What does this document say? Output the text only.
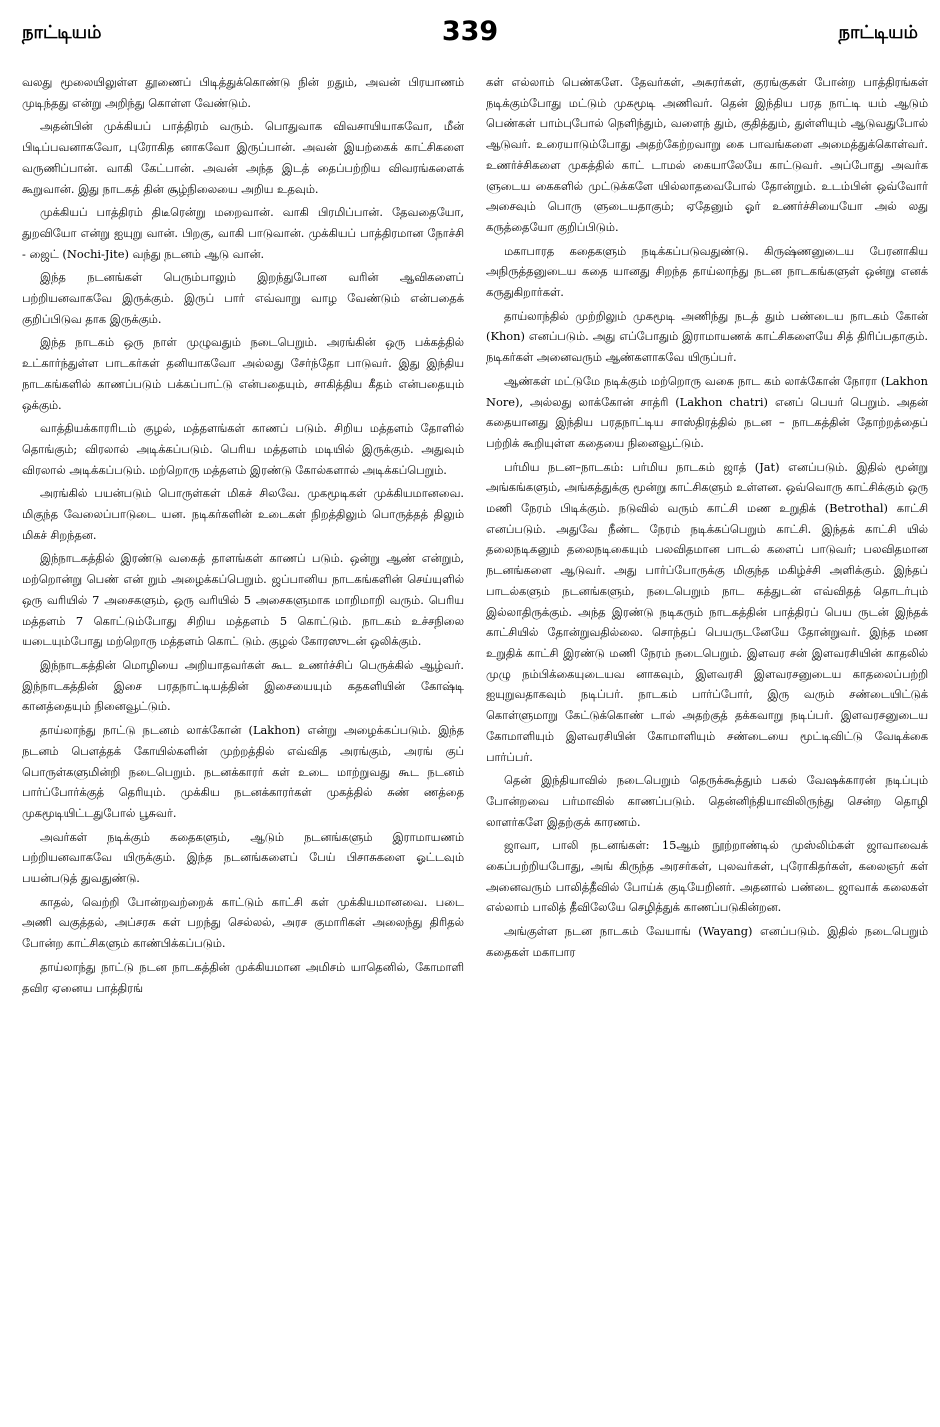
நாட்டியம்	339	நாட்டியம்

வலது மூலையிலுள்ள தூணைப் பிடித்துக்கொண்டு நின் றதும், அவன் பிரயாணம் முடிந்தது என்று அறிந்து கொள்ள வேண்டும்.

அதன்பின் முக்கியப் பாத்திரம் வரும். பொதுவாக விவசாயியாகவோ, மீன் பிடிப்பவனாகவோ, புரோகித னாகவோ இருப்பான். அவன் இயற்கைக் காட்சிகளை வருணிப்பான். வாகி கேட்பான். அவன் அந்த இடத் தைப்பற்றிய விவரங்களைக் கூறுவான். இது நாடகத் தின் சூழ்நிலையை அறிய உதவும்.

முக்கியப் பாத்திரம் திடீரென்று மறைவான். வாகி பிரமிப்பான். தேவதையோ, துறவியோ என்று ஐயுறு வான். பிறகு, வாகி பாடுவான். முக்கியப் பாத்திரமான நோச்சி - ஜைட் (Nochi-Jite) வந்து நடனம் ஆடு வான்.

இந்த நடனங்கள் பெரும்பாலும் இறந்துபோன வரின் ஆவிகளைப் பற்றியனவாகவே இருக்கும். இருப் பார் எவ்வாறு வாழ வேண்டும் என்பதைக் குறிப்பிடுவ தாக இருக்கும்.

இந்த நாடகம் ஒரு நாள் முழுவதும் நடைபெறும். அரங்கின் ஒரு பக்கத்தில் உட்கார்ந்துள்ள பாடகர்கள் தனியாகவோ அல்லது சேர்ந்தோ பாடுவர். இது இந்திய நாடகங்களில் காணப்படும் பக்கப்பாட்டு என்பதையும், சாகித்திய கீதம் என்பதையும் ஒக்கும்.

வாத்தியக்காரரிடம் குழல், மத்தளங்கள் காணப் படும். சிறிய மத்தளம் தோளில் தொங்கும்; விரலால் அடிக்கப்படும். பெரிய மத்தளம் மடியில் இருக்கும். அதுவும் விரலால் அடிக்கப்படும். மற்றொரு மத்தளம் இரண்டு கோல்களால் அடிக்கப்பெறும்.

அரங்கில் பயன்படும் பொருள்கள் மிகச் சிலவே. முகமூடிகள் முக்கியமானவை. மிகுந்த வேலைப்பாடுடை யன. நடிகர்களின் உடைகள் நிறத்திலும் பொருத்தத் திலும் மிகச் சிறந்தன.

இந்நாடகத்தில் இரண்டு வகைத் தாளங்கள் காணப் படும். ஒன்று ஆண் என்றும், மற்றொன்று பெண் என் றும் அழைக்கப்பெறும். ஜப்பானிய நாடகங்களின் செய்யுளில் ஒரு வரியில் 7 அசைகளும், ஒரு வரியில் 5 அசைகளுமாக மாறிமாறி வரும். பெரிய மத்தளம் 7 கொட்டும்போது சிறிய மத்தளம் 5 கொட்டும். நாடகம் உச்சநிலை யடையும்போது மற்றொரு மத்தளம் கொட் டும். குழல் கோரஸுடன் ஒலிக்கும்.

இந்நாடகத்தின் மொழியை அறியாதவர்கள் கூட உணர்ச்சிப் பெருக்கில் ஆழ்வர். இந்நாடகத்தின் இசை பரதநாட்டியத்தின் இசையையும் கதகளியின் கோஷ்டி கானத்தையும் நினைவூட்டும்.

தாய்லாந்து நாட்டு நடனம் லாக்கோன் (Lakhon) என்று அழைக்கப்படும். இந்த நடனம் பௌத்தக் கோயில்களின் முற்றத்தில் எவ்வித அரங்கும், அரங் குப் பொருள்களுமின்றி நடைபெறும். நடனக்காரர் கள் உடை மாற்றுவது கூட நடனம் பார்ப்போர்க்குத் தெரியும். முக்கிய நடனக்காரர்கள் முகத்தில் சுண் ணத்தை முகமூடியிட்டதுபோல் பூசுவர்.

அவர்கள் நடிக்கும் கதைகளும், ஆடும் நடனங்களும் இராமாயணம் பற்றியனவாகவே யிருக்கும். இந்த நடனங்களைப் பேய் பிசாசுகளை ஓட்டவும் பயன்படுத் துவதுண்டு.

காதல், வெற்றி போன்றவற்றைக் காட்டும் காட்சி கள் முக்கியமானவை. படை அணி வகுத்தல், அப்சரசு கள் பறந்து செல்லல், அரச குமாரிகள் அலைந்து திரிதல் போன்ற காட்சிகளும் காண்பிக்கப்படும்.

தாய்லாந்து நாட்டு நடன நாடகத்தின் முக்கியமான அமிசம் யாதெனில், கோமாளி தவிர ஏனைய பாத்திரங்

கள் எல்லாம் பெண்களே. தேவர்கள், அசுரர்கள், குரங்குகள் போன்ற பாத்திரங்கள் நடிக்கும்போது மட்டும் முகமூடி அணிவர். தென் இந்திய பரத நாட்டி யம் ஆடும் பெண்கள் பாம்புபோல் நெளிந்தும், வளைந் தும், குதித்தும், துள்ளியும் ஆடுவதுபோல் ஆடுவர். உரையாடும்போது அதற்கேற்றவாறு கை பாவங்களை அமைத்துக்கொள்வர். உணர்ச்சிகளை முகத்தில் காட் டாமல் கையாலேயே காட்டுவர். அப்போது அவர்க ளுடைய கைகளில் முட்டுக்களே யில்லாதவைபோல் தோன்றும். உடம்பின் ஒவ்வோர் அசைவும் பொரு ளுடையதாகும்; ஏதேனும் ஓர் உணர்ச்சியையோ அல் லது கருத்தையோ குறிப்பிடும்.

மகாபாரத கதைகளும் நடிக்கப்படுவதுண்டு. கிருஷ்ணனுடைய பேரனாகிய அநிருத்தனுடைய கதை யானது சிறந்த தாய்லாந்து நடன நாடகங்களுள் ஒன்று எனக் கருதுகிறார்கள்.

தாய்லாந்தில் முற்றிலும் முகமூடி அணிந்து நடத் தும் பண்டைய நாடகம் கோன் (Khon) எனப்படும். அது எப்போதும் இராமாயணக் காட்சிகளையே சித் திரிப்பதாகும். நடிகர்கள் அனைவரும் ஆண்களாகவே யிருப்பர்.

ஆண்கள் மட்டுமே நடிக்கும் மற்றொரு வகை நாட கம் லாக்கோன் நோரா (Lakhon Nore), அல்லது லாக்கோன் சாத்ரி (Lakhon chatri) எனப் பெயர் பெறும். அதன் கதையானது இந்திய பரதநாட்டிய சாஸ்திரத்தில் நடன – நாடகத்தின் தோற்றத்தைப் பற்றிக் கூறியுள்ள கதையை நினைவூட்டும்.

பர்மிய நடன–நாடகம்: பர்மிய நாடகம் ஜாத் (Jat) எனப்படும். இதில் மூன்று அங்கங்களும், அங்கத்துக்கு மூன்று காட்சிகளும் உள்ளன. ஒவ்வொரு காட்சிக்கும் ஒரு மணி நேரம் பிடிக்கும். நடுவில் வரும் காட்சி மண உறுதிக் (Betrothal) காட்சி எனப்படும். அதுவே நீண்ட நேரம் நடிக்கப்பெறும் காட்சி. இந்தக் காட்சி யில் தலைநடிகனும் தலைநடிகையும் பலவிதமான பாடல் களைப் பாடுவர்; பலவிதமான நடனங்களை ஆடுவர். அது பார்ப்போருக்கு மிகுந்த மகிழ்ச்சி அளிக்கும். இந்தப் பாடல்களும் நடனங்களும், நடைபெறும் நாட கத்துடன் எவ்விதத் தொடர்பும் இல்லாதிருக்கும். அந்த இரண்டு நடிகரும் நாடகத்தின் பாத்திரப் பெய ருடன் இந்தக் காட்சியில் தோன்றுவதில்லை. சொந்தப் பெயருடனேயே தோன்றுவர். இந்த மண உறுதிக் காட்சி இரண்டு மணி நேரம் நடைபெறும். இளவர சன் இளவரசியின் காதலில் முழு நம்பிக்கையுடையவ னாகவும், இளவரசி இளவரசனுடைய காதலைப்பற்றி ஐயுறுவதாகவும் நடிப்பர். நாடகம் பார்ப்போர், இரு வரும் சண்டையிட்டுக் கொள்ளுமாறு கேட்டுக்கொண் டால் அதற்குத் தக்கவாறு நடிப்பர். இளவரசனுடைய கோமாளியும் இளவரசியின் கோமாளியும் சண்டையை மூட்டிவிட்டு வேடிக்கை பார்ப்பர்.

தென் இந்தியாவில் நடைபெறும் தெருக்கூத்தும் பகல் வேஷக்காரன் நடிப்பும் போன்றவை பர்மாவில் காணப்படும். தென்னிந்தியாவிலிருந்து சென்ற தொழி லாளர்களே இதற்குக் காரணம்.

ஜாவா, பாலி நடனங்கள்: 15ஆம் நூற்றாண்டில் முஸ்லிம்கள் ஜாவாவைக் கைப்பற்றியபோது, அங் கிருந்த அரசர்கள், புலவர்கள், புரோகிதர்கள், கலைஞர் கள் அனைவரும் பாலித்தீவில் போய்க் குடியேறினர். அதனால் பண்டை ஜாவாக் கலைகள் எல்லாம் பாலித் தீவிலேயே செழித்துக் காணப்படுகின்றன.

அங்குள்ள நடன நாடகம் வேயாங் (Wayang) எனப்படும். இதில் நடைபெறும் கதைகள் மகாபார
